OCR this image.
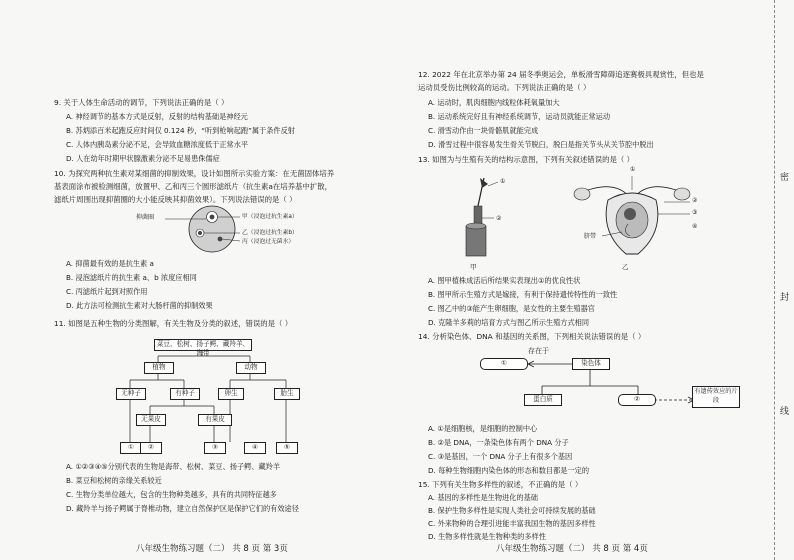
9. 关于人体生命活动的调节，下列说法正确的是（ ）
A. 神经调节的基本方式是反射，反射的结构基础是神经元
B. 苏炳添百米起跑反应时间仅 0.124 秒，“听到枪响起跑”属于条件反射
C. 人体内胰岛素分泌不足，会导致血糖浓度低于正常水平
D. 人在幼年时期甲状腺激素分泌不足易患侏儒症
10. 为探究两种抗生素对某细菌的抑制效果，设计如图所示实验方案：在无菌固体培养
基表面涂布被检测细菌，放置甲、乙和丙三个圆形滤纸片（抗生素a在培养基中扩散，
滤纸片周围出现抑菌圈的大小能反映其抑菌效果）。下列说法错误的是（ ）
抑菌圈	甲（浸泡过抗生素a）
乙（浸泡过抗生素b）
丙（浸泡过无菌水）
A. 抑菌最有效的是抗生素 a
B. 浸泡滤纸片的抗生素 a、b 浓度应相同
C. 丙滤纸片起到对照作用
D. 此方法可检测抗生素对大肠杆菌的抑制效果
11. 如图是五种生物的分类图解，有关生物及分类的叙述，错误的是（ ）
菜豆、松树、扬子鳄、藏羚羊、海带
植物	动物
无种子	有种子	卵生	胎生
无果皮	有果皮
①	②	③	④	⑤
A. ①②③④⑤分别代表的生物是海带、松树、菜豆、扬子鳄、藏羚羊
B. 菜豆和松树的亲缘关系较近
C. 生物分类单位越大，包含的生物种类越多，具有的共同特征越多
D. 藏羚羊与扬子鳄属于脊椎动物，建立自然保护区是保护它们的有效途径
八年级生物练习题（二） 共 8 页 第 3页
12. 2022 年在北京举办第 24 届冬季奥运会，单板滑雪障碍追逐赛极具观赏性，但也是
运动员受伤比例较高的运动。下列说法正确的是（ ）
A. 运动时，肌肉细胞内线粒体耗氧量加大
B. 运动系统完好且有神经系统调节，运动员就能正常运动
C. 滑雪动作由一块骨骼肌就能完成
D. 滑雪过程中很容易发生骨关节脱臼，脱臼是指关节头从关节腔中脱出
13. 如图为与生殖有关的结构示意图，下列有关叙述错误的是（ ）
①
②
甲
①
②
③
④
脐带
乙
A. 图甲植株成活后所结果实表现出①的优良性状
B. 图甲所示生殖方式是嫁接，有利于保持遗传特性的一致性
C. 图乙中的③能产生卵细胞，是女性的主要生殖器官
D. 克隆羊多莉的培育方式与图乙所示生殖方式相同
14. 分析染色体、DNA 和基因的关系图，下列相关说法错误的是（ ）
存在于
①	染色体
蛋白质	②
有遗传效应的片段
A. ①是细胞核，是细胞的控制中心
B. ②是 DNA，一条染色体有两个 DNA 分子
C. ③是基因，一个 DNA 分子上有很多个基因
D. 每种生物细胞内染色体的形态和数目都是一定的
15. 下列有关生物多样性的叙述，不正确的是（ ）
A. 基因的多样性是生物进化的基础
B. 保护生物多样性是实现人类社会可持续发展的基础
C. 外来物种的合理引进能丰富我国生物的基因多样性
D. 生物多样性就是生物种类的多样性
八年级生物练习题（二） 共 8 页 第 4页
密
封
线
